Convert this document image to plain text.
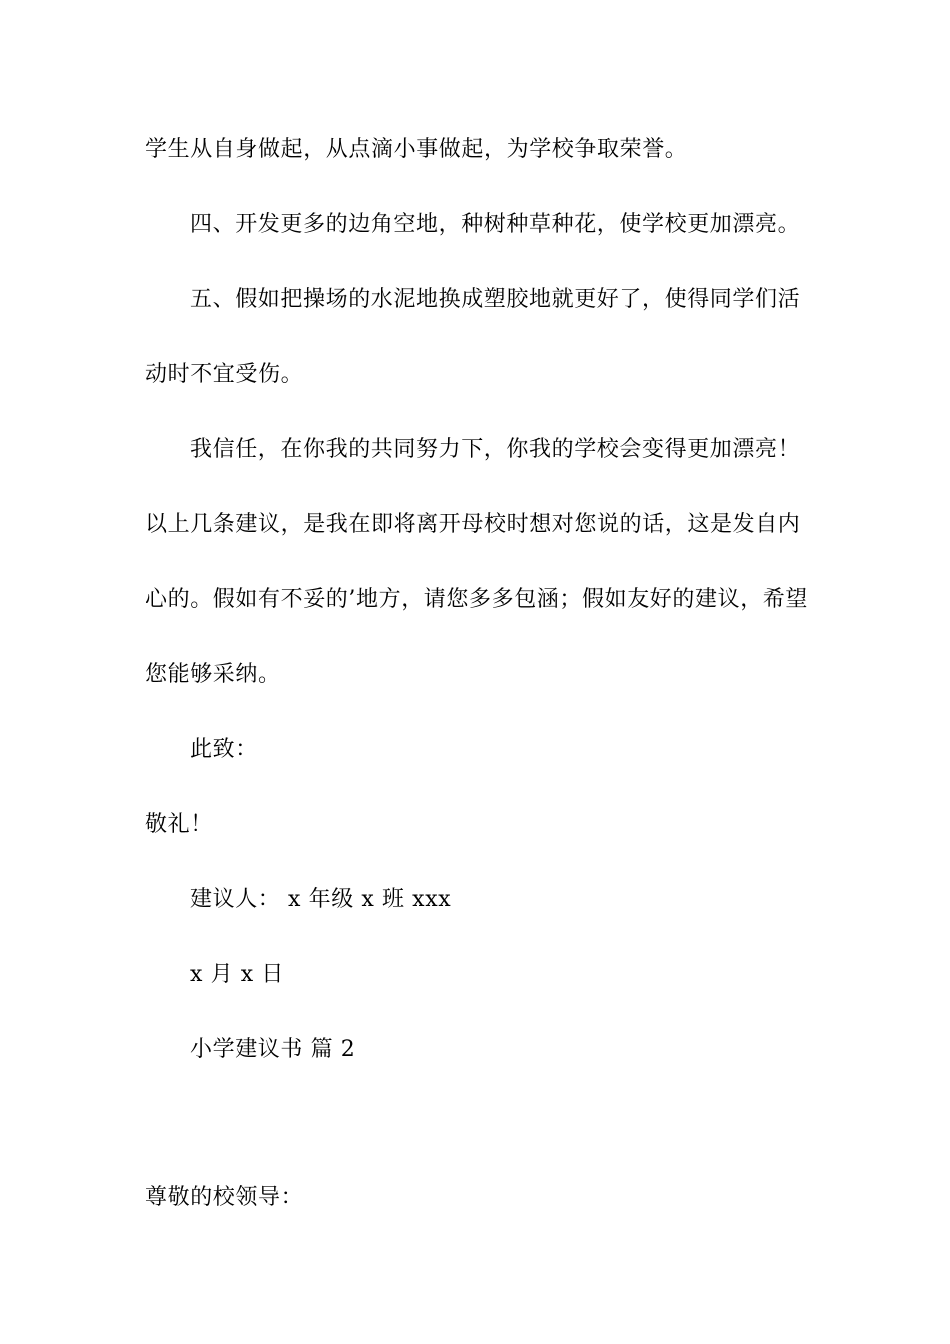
学生从自身做起，从点滴小事做起，为学校争取荣誉。
四、开发更多的边角空地，种树种草种花，使学校更加漂亮。
五、假如把操场的水泥地换成塑胶地就更好了，使得同学们活
动时不宜受伤。
我信任，在你我的共同努力下，你我的学校会变得更加漂亮！
以上几条建议，是我在即将离开母校时想对您说的话，这是发自内
心的。假如有不妥的’地方，请您多多包涵；假如友好的建议，希望
您能够采纳。
此致：
敬礼！
建议人： x 年级 x 班 xxx
x 月 x 日
小学建议书 篇 2
尊敬的校领导：
